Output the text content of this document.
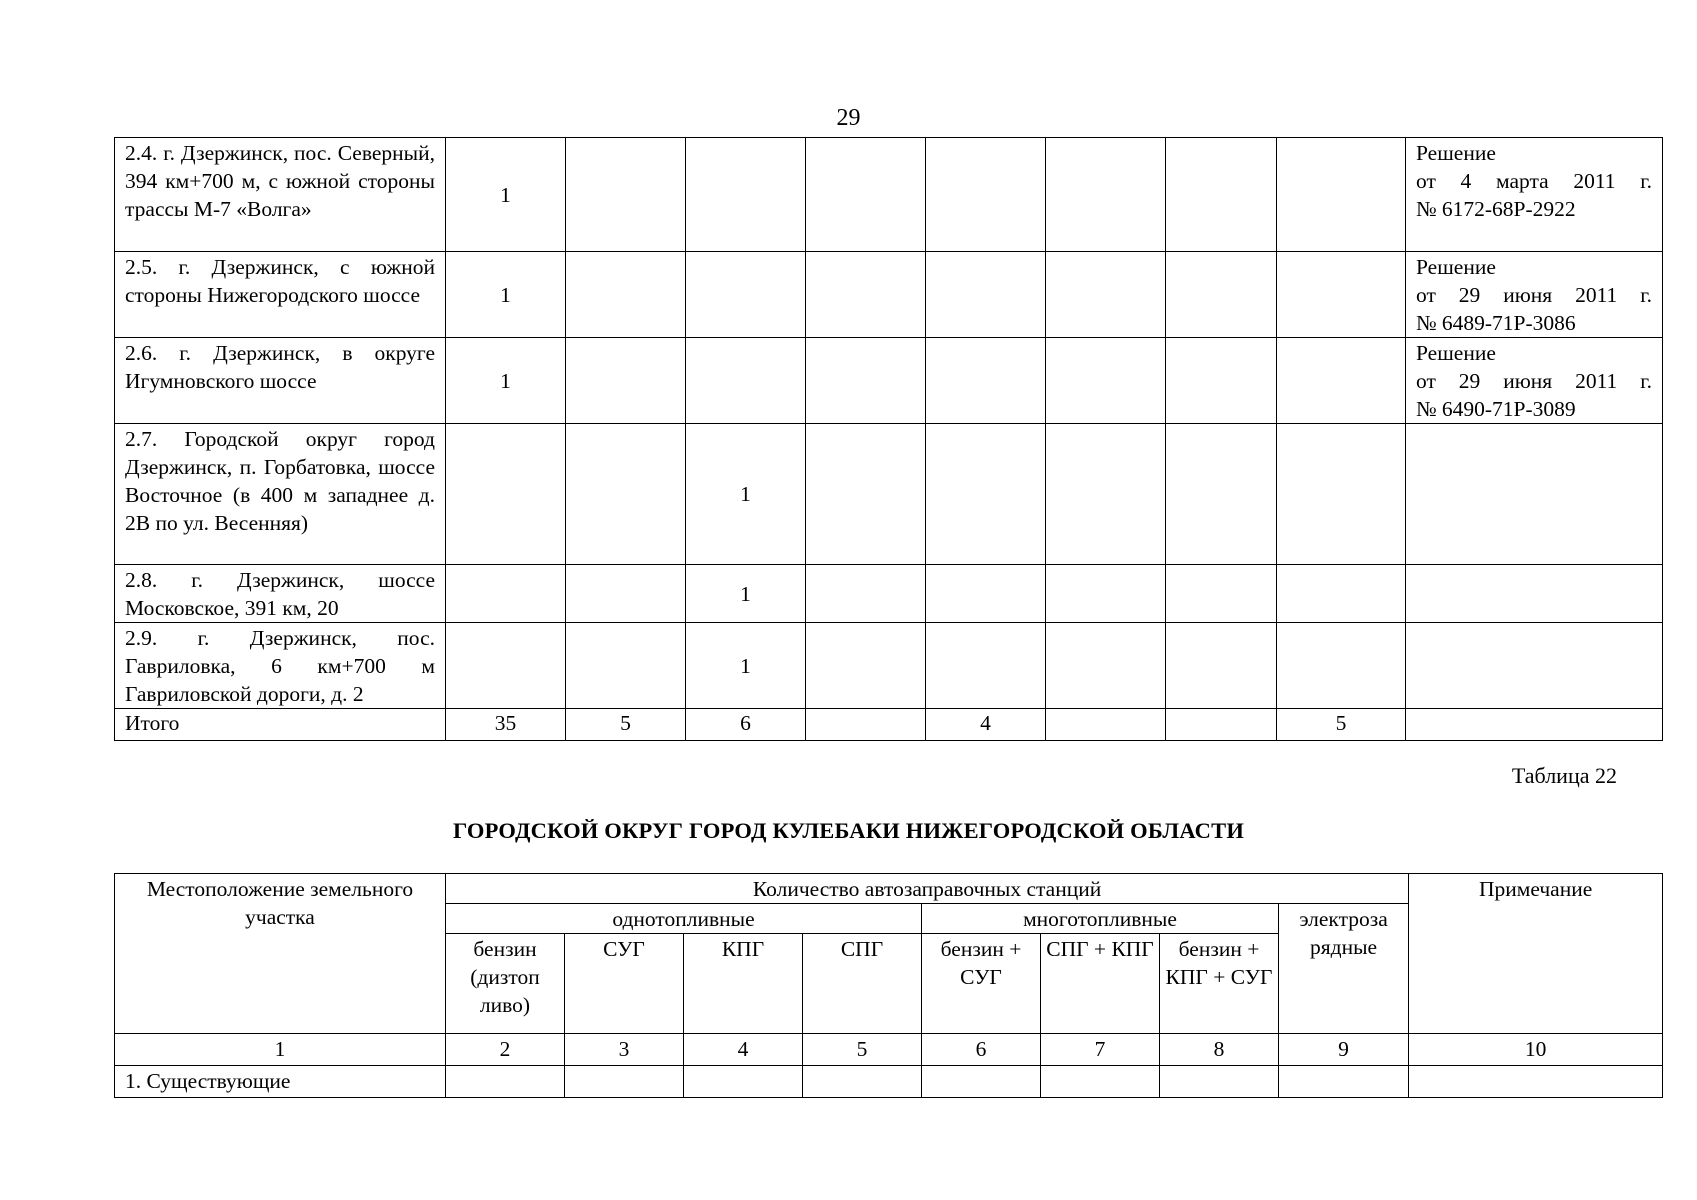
29
2.4. г. Дзержинск, пос. Северный, 394 км+700 м, с южной стороны трассы М-7 «Волга»	1								Решение
от 4 марта 2011 г.
№ 6172-68Р-2922

2.5. г. Дзержинск, с южной стороны Нижегородского шоссе	1								Решение
от 29 июня 2011 г.
№ 6489-71Р-3086

2.6. г. Дзержинск, в округе Игумновского шоссе	1								Решение
от 29 июня 2011 г.
№ 6490-71Р-3089

2.7. Городской округ город Дзержинск, п. Горбатовка, шоссе Восточное (в 400 м западнее д. 2В по ул. Весенняя)			1						

2.8. г. Дзержинск, шоссе Московское, 391 км, 20			1						

2.9. г. Дзержинск, пос. Гавриловка, 6 км+700 м Гавриловской дороги, д. 2			1						

Итого	35	5	6		4			5	
Таблица 22
ГОРОДСКОЙ ОКРУГ ГОРОД КУЛЕБАКИ НИЖЕГОРОДСКОЙ ОБЛАСТИ
Местоположение земельного участка	Количество автозаправочных станций								Примечание
	однотопливные				многотопливные			электроза рядные	
	бензин (дизтоп ливо)	СУГ	КПГ	СПГ	бензин + СУГ	СПГ + КПГ	бензин + КПГ + СУГ		
1	2	3	4	5	6	7	8	9	10
1. Существующие									
